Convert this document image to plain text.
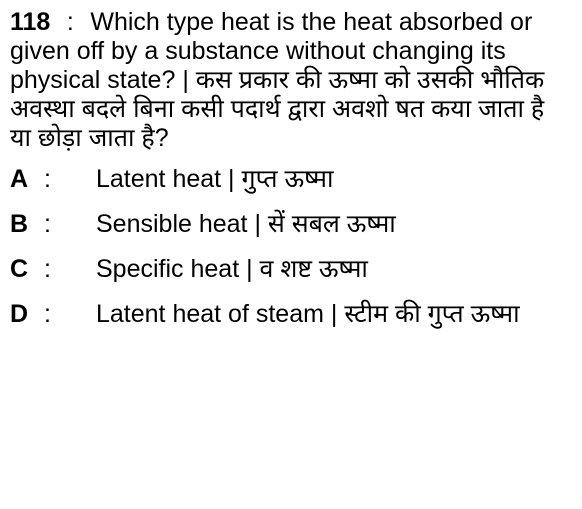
118 : Which type heat is the heat absorbed or given off by a substance without changing its physical state? | कस प्रकार की ऊष्मा को उसकी भौतिक अवस्था बदले बिना कसी पदार्थ द्वारा अवशो षत कया जाता है या छोड़ा जाता है?
A :	Latent heat | गुप्त ऊष्मा
B :	Sensible heat | सें सबल ऊष्मा
C :	Specific heat | व शष्ट ऊष्मा
D : Latent heat of steam | स्टीम की गुप्त ऊष्मा
